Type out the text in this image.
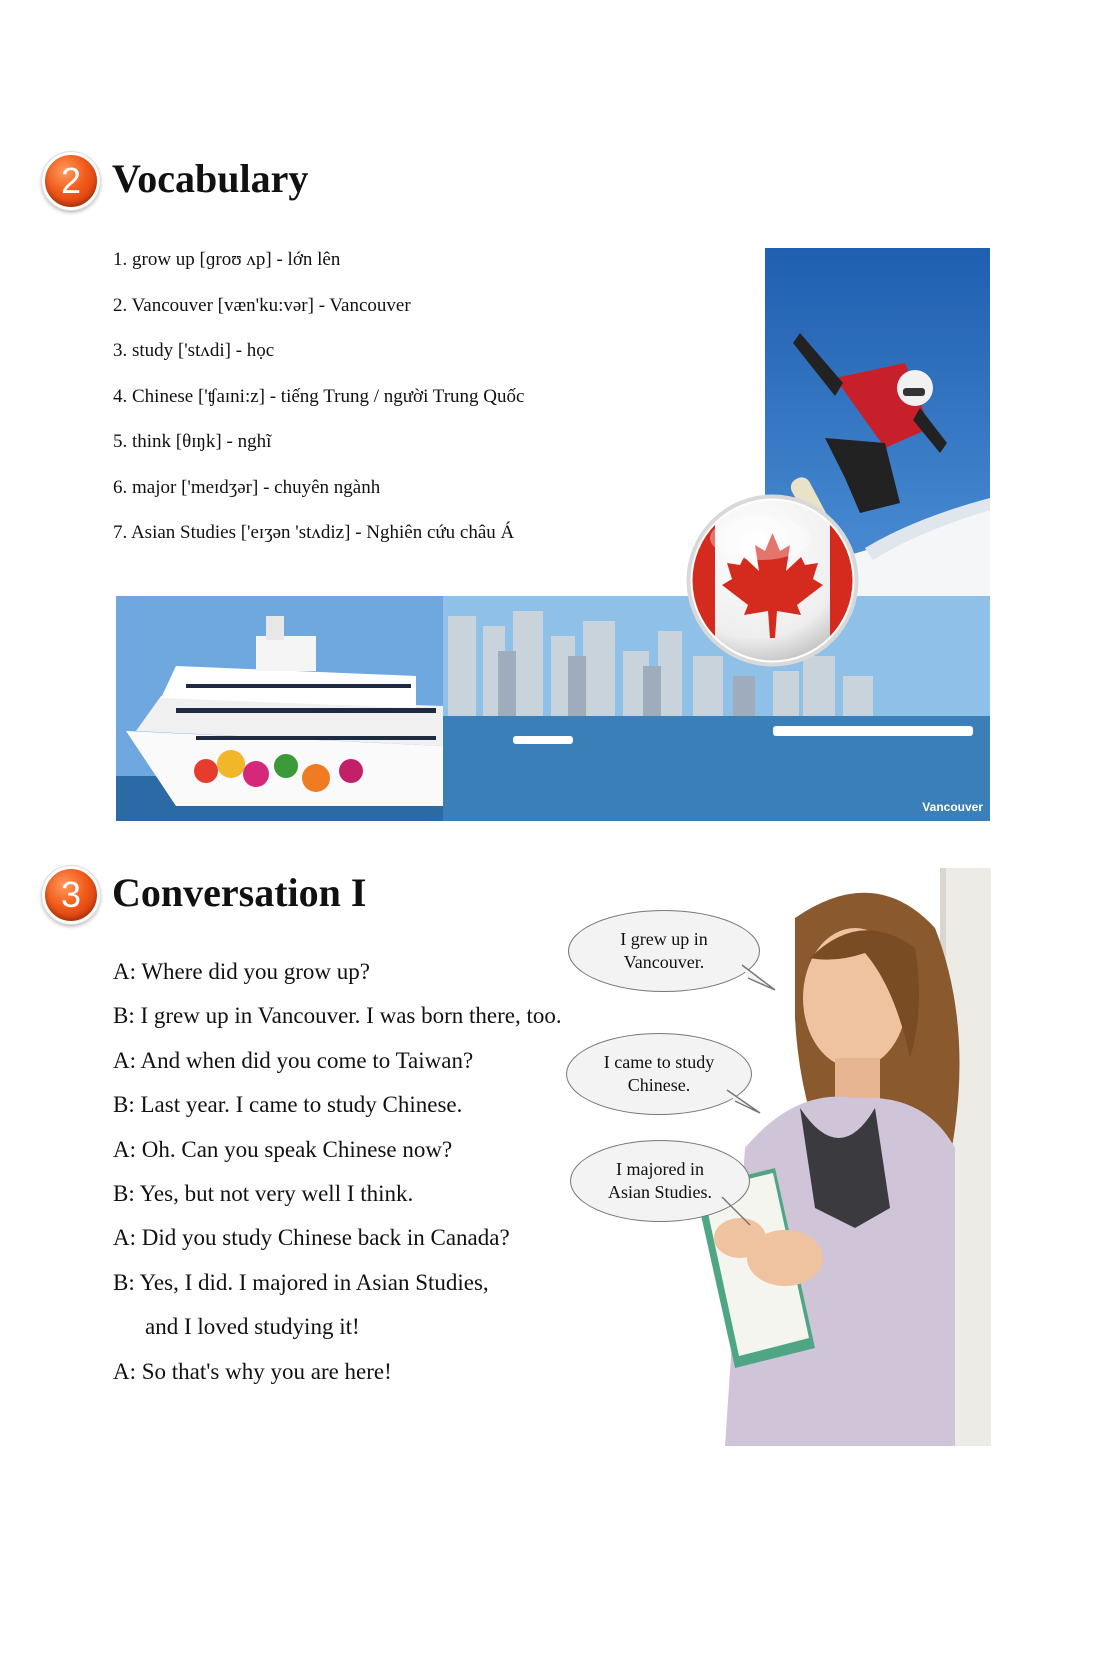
2 Vocabulary
1. grow up [ɡroʊ ʌp] - lớn lên
2. Vancouver [væn'ku:vər] - Vancouver
3. study ['stʌdi] - học
4. Chinese ['ʧaɪni:z] - tiếng Trung / người Trung Quốc
5. think [θɪŋk] - nghĩ
6. major ['meɪdʒər] - chuyên ngành
7. Asian Studies ['eɪʒən 'stʌdiz] - Nghiên cứu châu Á
Vancouver
3 Conversation I
A: Where did you grow up?
B: I grew up in Vancouver. I was born there, too.
A: And when did you come to Taiwan?
B: Last year. I came to study Chinese.
A: Oh. Can you speak Chinese now?
B: Yes, but not very well I think.
A: Did you study Chinese back in Canada?
B: Yes, I did. I majored in Asian Studies,
and I loved studying it!
A: So that's why you are here!
I grew up in
Vancouver.
I came to study
Chinese.
I majored in
Asian Studies.
